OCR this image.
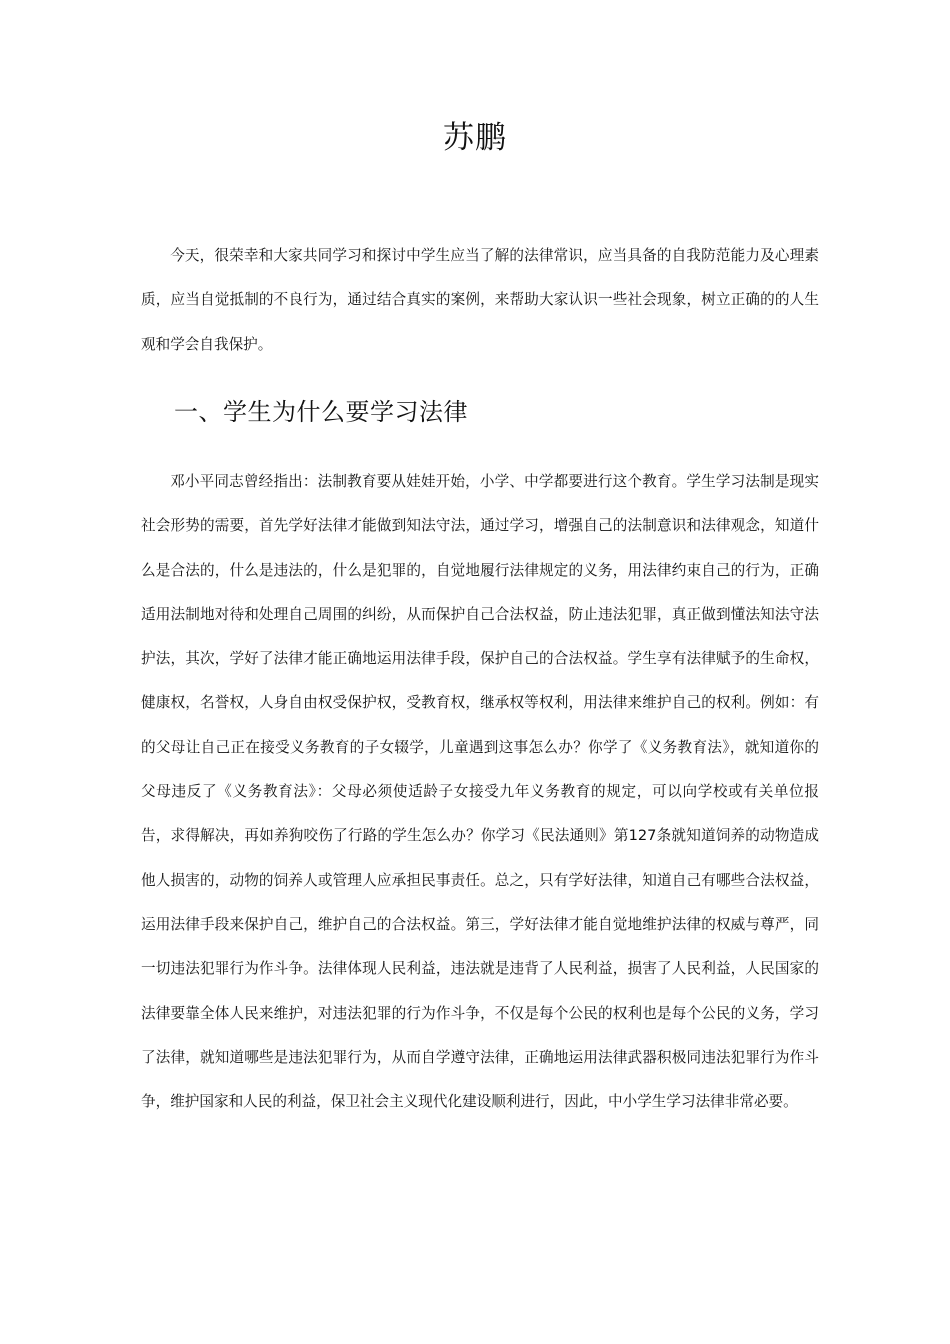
苏鹏

今天，很荣幸和大家共同学习和探讨中学生应当了解的法律常识，应当具备的自我防范能力及心理素质，应当自觉抵制的不良行为，通过结合真实的案例，来帮助大家认识一些社会现象，树立正确的的人生观和学会自我保护。

一、学生为什么要学习法律

邓小平同志曾经指出：法制教育要从娃娃开始，小学、中学都要进行这个教育。学生学习法制是现实社会形势的需要，首先学好法律才能做到知法守法，通过学习，增强自己的法制意识和法律观念，知道什么是合法的，什么是违法的，什么是犯罪的，自觉地履行法律规定的义务，用法律约束自己的行为，正确适用法制地对待和处理自己周围的纠纷，从而保护自己合法权益，防止违法犯罪，真正做到懂法知法守法护法，其次，学好了法律才能正确地运用法律手段，保护自己的合法权益。学生享有法律赋予的生命权，健康权，名誉权，人身自由权受保护权，受教育权，继承权等权利，用法律来维护自己的权利。例如：有的父母让自己正在接受义务教育的子女辍学，儿童遇到这事怎么办？你学了《义务教育法》，就知道你的父母违反了《义务教育法》：父母必须使适龄子女接受九年义务教育的规定，可以向学校或有关单位报告，求得解决，再如养狗咬伤了行路的学生怎么办？你学习《民法通则》第127条就知道饲养的动物造成他人损害的，动物的饲养人或管理人应承担民事责任。总之，只有学好法律，知道自己有哪些合法权益，运用法律手段来保护自己，维护自己的合法权益。第三，学好法律才能自觉地维护法律的权威与尊严，同一切违法犯罪行为作斗争。法律体现人民利益，违法就是违背了人民利益，损害了人民利益，人民国家的法律要靠全体人民来维护，对违法犯罪的行为作斗争，不仅是每个公民的权利也是每个公民的义务，学习了法律，就知道哪些是违法犯罪行为，从而自学遵守法律，正确地运用法律武器积极同违法犯罪行为作斗争，维护国家和人民的利益，保卫社会主义现代化建设顺利进行，因此，中小学生学习法律非常必要。
